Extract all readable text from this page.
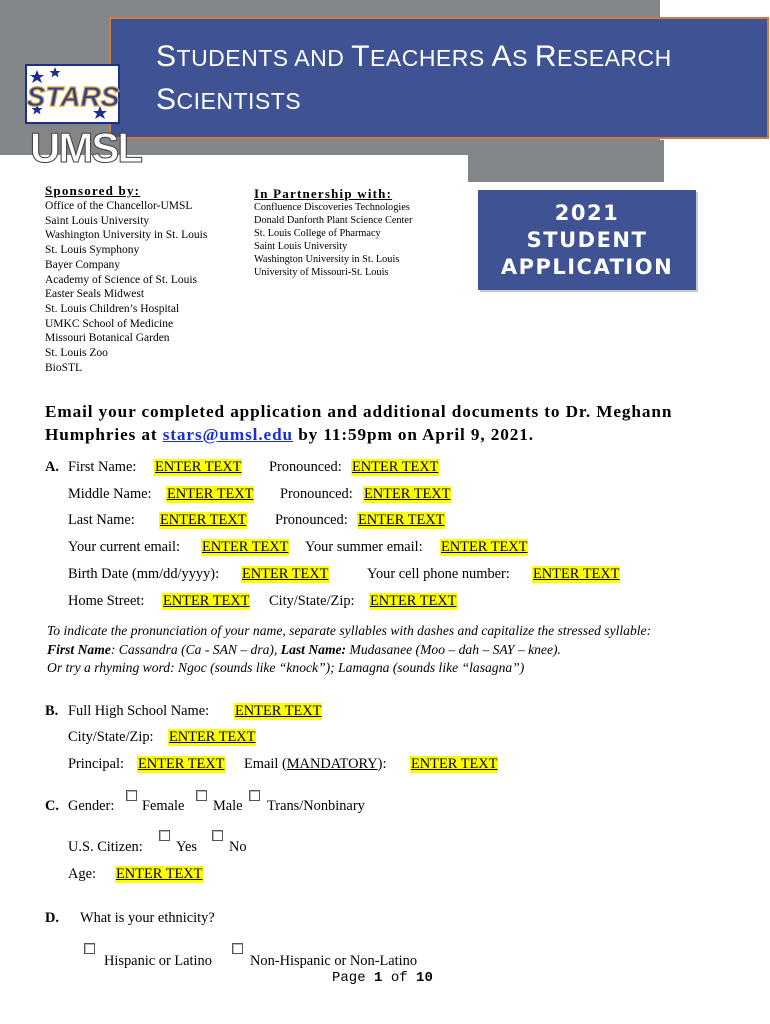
STUDENTS AND TEACHERS AS RESEARCH
SCIENTISTS
STARS
UMSL
Sponsored by:
Office of the Chancellor-UMSL
Saint Louis University
Washington University in St. Louis
St. Louis Symphony
Bayer Company
Academy of Science of St. Louis
Easter Seals Midwest
St. Louis Children’s Hospital
UMKC School of Medicine
Missouri Botanical Garden
St. Louis Zoo
BioSTL
In Partnership with:
Confluence Discoveries Technologies
Donald Danforth Plant Science Center
St. Louis College of Pharmacy
Saint Louis University
Washington University in St. Louis
University of Missouri-St. Louis
2021
STUDENT
APPLICATION
Email your completed application and additional documents to Dr. Meghann Humphries at stars@umsl.edu by 11:59pm on April 9, 2021.
A. First Name: ENTER TEXT Pronounced: ENTER TEXT
Middle Name: ENTER TEXT Pronounced: ENTER TEXT
Last Name: ENTER TEXT Pronounced: ENTER TEXT
Your current email: ENTER TEXT Your summer email: ENTER TEXT
Birth Date (mm/dd/yyyy): ENTER TEXT	Your cell phone number: ENTER TEXT
Home Street: ENTER TEXT City/State/Zip: ENTER TEXT
To indicate the pronunciation of your name, separate syllables with dashes and capitalize the stressed syllable:
First Name: Cassandra (Ca - SAN – dra), Last Name: Mudasanee (Moo – dah – SAY – knee).
Or try a rhyming word: Ngoc (sounds like “knock”); Lamagna (sounds like “lasagna”)
B. Full High School Name: ENTER TEXT
City/State/Zip: ENTER TEXT
Principal: ENTER TEXT Email (MANDATORY): ENTER TEXT
C. Gender: Female Male Trans/Nonbinary
U.S. Citizen: Yes No
Age: ENTER TEXT
D. What is your ethnicity?
Hispanic or Latino	Non-Hispanic or Non-Latino
Page 1 of 10
